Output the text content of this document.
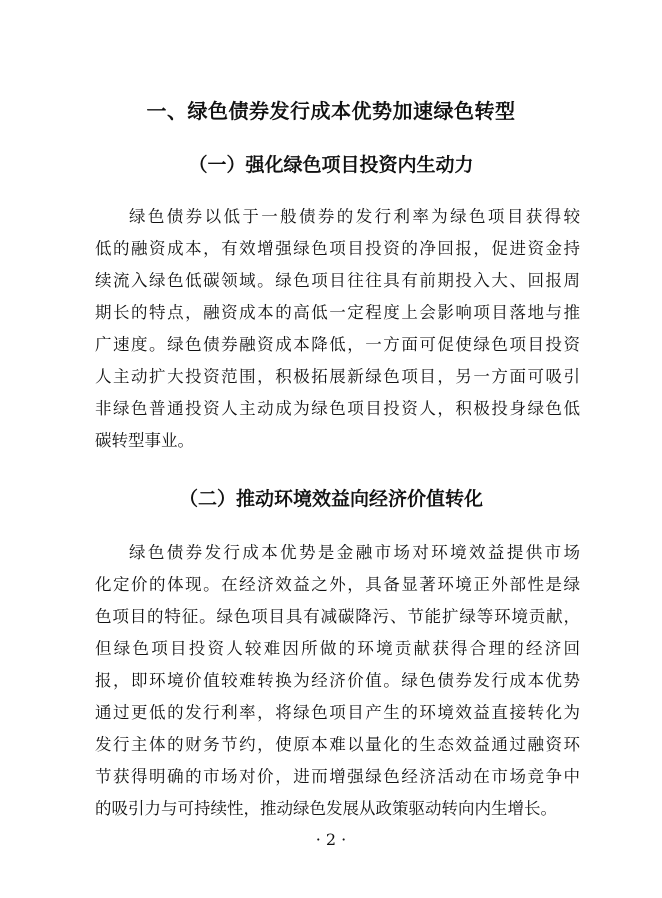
一、绿色债券发行成本优势加速绿色转型
（一）强化绿色项目投资内生动力
绿色债券以低于一般债券的发行利率为绿色项目获得较
低的融资成本，有效增强绿色项目投资的净回报，促进资金持
续流入绿色低碳领域。绿色项目往往具有前期投入大、回报周
期长的特点，融资成本的高低一定程度上会影响项目落地与推
广速度。绿色债券融资成本降低，一方面可促使绿色项目投资
人主动扩大投资范围，积极拓展新绿色项目，另一方面可吸引
非绿色普通投资人主动成为绿色项目投资人，积极投身绿色低
碳转型事业。
（二）推动环境效益向经济价值转化
绿色债券发行成本优势是金融市场对环境效益提供市场
化定价的体现。在经济效益之外，具备显著环境正外部性是绿
色项目的特征。绿色项目具有减碳降污、节能扩绿等环境贡献，
但绿色项目投资人较难因所做的环境贡献获得合理的经济回
报，即环境价值较难转换为经济价值。绿色债券发行成本优势
通过更低的发行利率，将绿色项目产生的环境效益直接转化为
发行主体的财务节约，使原本难以量化的生态效益通过融资环
节获得明确的市场对价，进而增强绿色经济活动在市场竞争中
的吸引力与可持续性，推动绿色发展从政策驱动转向内生增长。
· 2 ·
